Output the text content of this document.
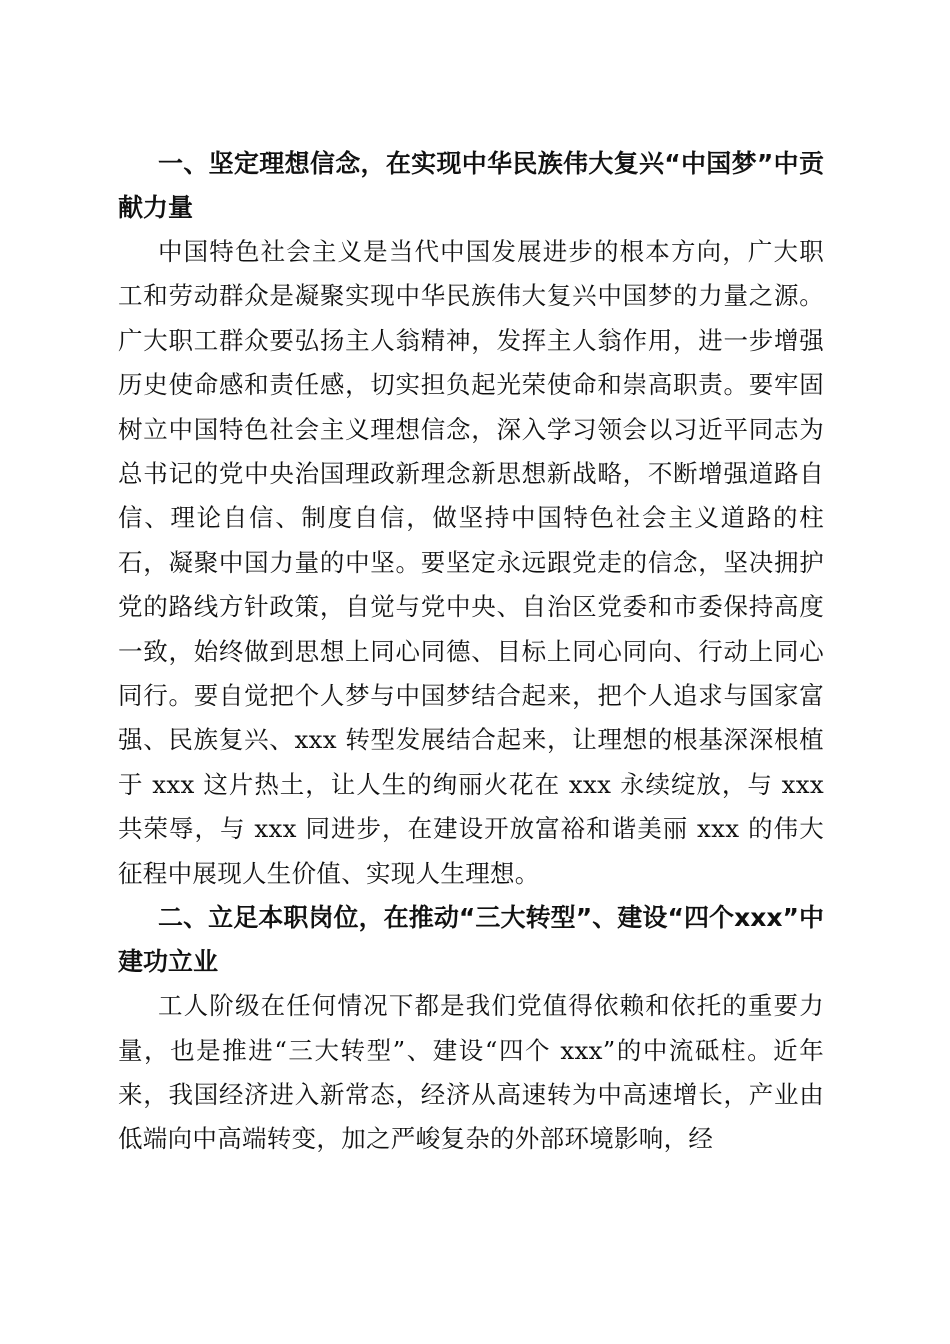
一、坚定理想信念，在实现中华民族伟大复兴“中国梦”中贡献力量

中国特色社会主义是当代中国发展进步的根本方向，广大职工和劳动群众是凝聚实现中华民族伟大复兴中国梦的力量之源。广大职工群众要弘扬主人翁精神，发挥主人翁作用，进一步增强历史使命感和责任感，切实担负起光荣使命和崇高职责。要牢固树立中国特色社会主义理想信念，深入学习领会以习近平同志为总书记的党中央治国理政新理念新思想新战略，不断增强道路自信、理论自信、制度自信，做坚持中国特色社会主义道路的柱石，凝聚中国力量的中坚。要坚定永远跟党走的信念，坚决拥护党的路线方针政策，自觉与党中央、自治区党委和市委保持高度一致，始终做到思想上同心同德、目标上同心同向、行动上同心同行。要自觉把个人梦与中国梦结合起来，把个人追求与国家富强、民族复兴、xxx 转型发展结合起来，让理想的根基深深根植于 xxx 这片热土，让人生的绚丽火花在 xxx 永续绽放，与 xxx 共荣辱，与 xxx 同进步，在建设开放富裕和谐美丽 xxx 的伟大征程中展现人生价值、实现人生理想。

二、立足本职岗位，在推动“三大转型”、建设“四个xxx”中建功立业

工人阶级在任何情况下都是我们党值得依赖和依托的重要力量，也是推进“三大转型”、建设“四个 xxx”的中流砥柱。近年来，我国经济进入新常态，经济从高速转为中高速增长，产业由低端向中高端转变，加之严峻复杂的外部环境影响，经
